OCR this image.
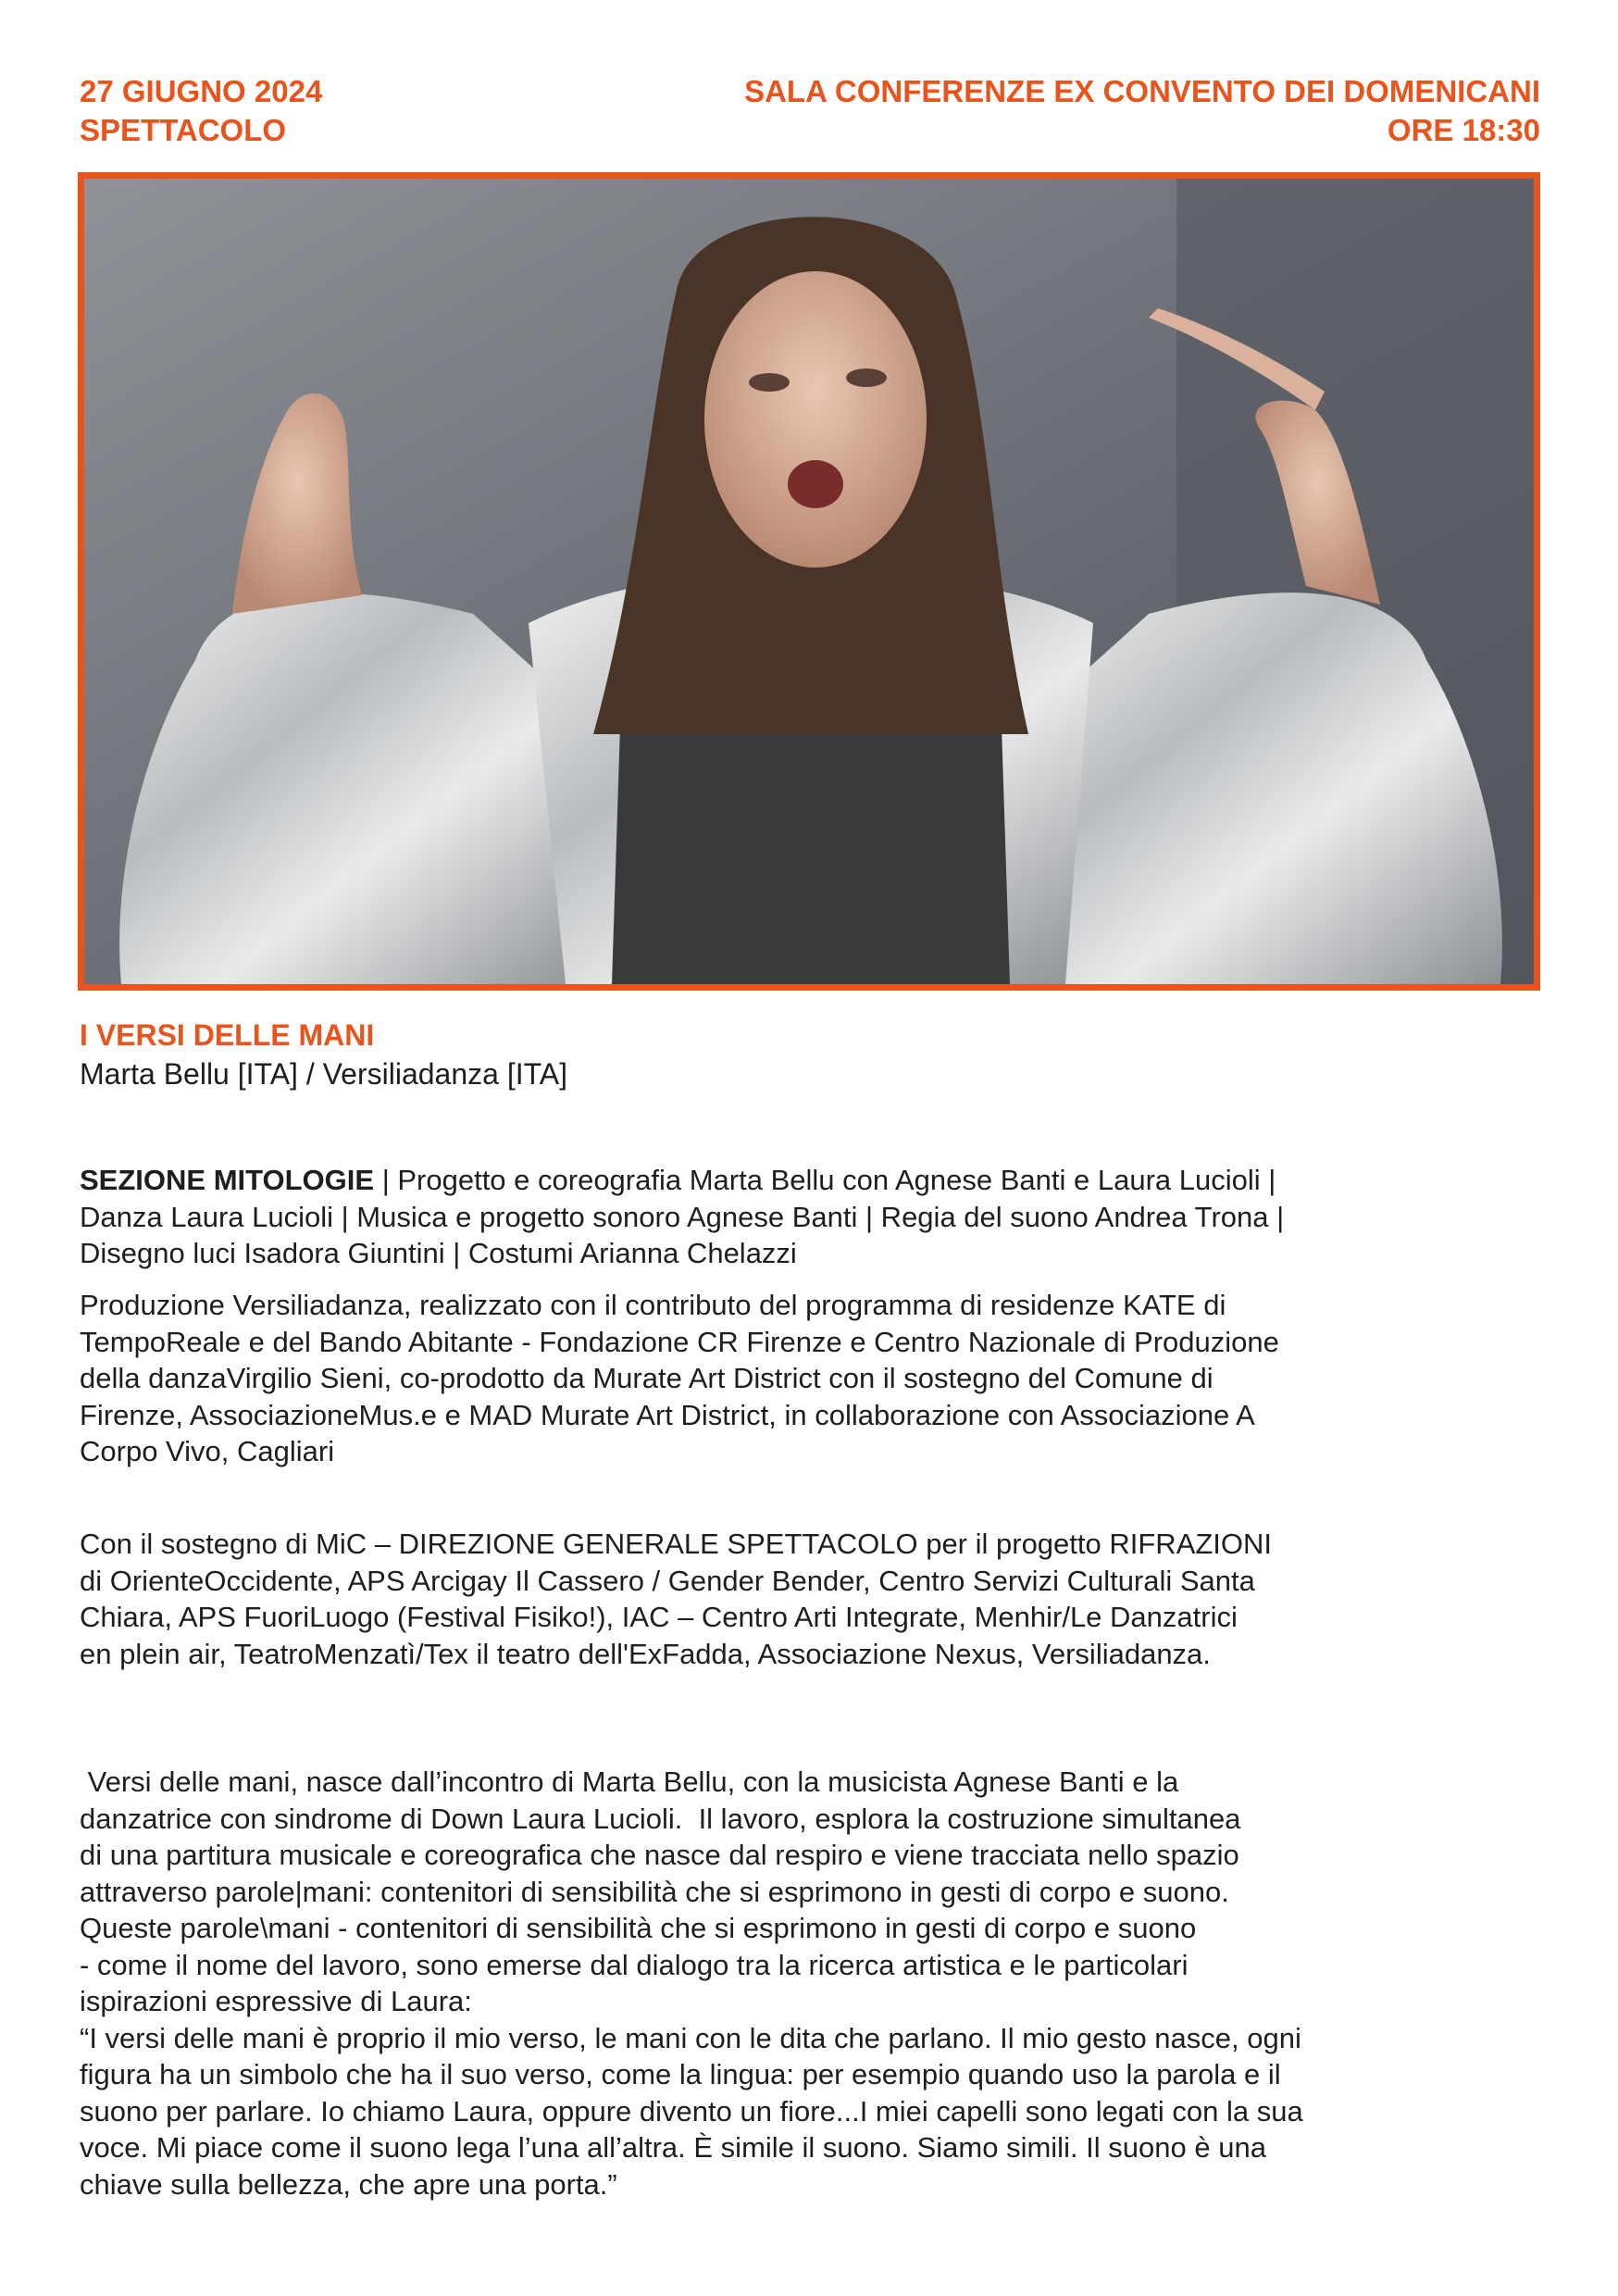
27 GIUGNO 2024
SPETTACOLO
SALA CONFERENZE EX CONVENTO DEI DOMENICANI
ORE 18:30
I VERSI DELLE MANI
Marta Bellu [ITA] / Versiliadanza [ITA]
SEZIONE MITOLOGIE | Progetto e coreografia Marta Bellu con Agnese Banti e Laura Lucioli |
Danza Laura Lucioli | Musica e progetto sonoro Agnese Banti | Regia del suono Andrea Trona |
Disegno luci Isadora Giuntini | Costumi Arianna Chelazzi
Produzione Versiliadanza, realizzato con il contributo del programma di residenze KATE di
TempoReale e del Bando Abitante - Fondazione CR Firenze e Centro Nazionale di Produzione
della danzaVirgilio Sieni, co-prodotto da Murate Art District con il sostegno del Comune di
Firenze, AssociazioneMus.e e MAD Murate Art District, in collaborazione con Associazione A
Corpo Vivo, Cagliari
Con il sostegno di MiC – DIREZIONE GENERALE SPETTACOLO per il progetto RIFRAZIONI
di OrienteOccidente, APS Arcigay Il Cassero / Gender Bender, Centro Servizi Culturali Santa
Chiara, APS FuoriLuogo (Festival Fisiko!), IAC – Centro Arti Integrate, Menhir/Le Danzatrici
en plein air, TeatroMenzatì/Tex il teatro dell'ExFadda, Associazione Nexus, Versiliadanza.
Versi delle mani, nasce dall’incontro di Marta Bellu, con la musicista Agnese Banti e la
danzatrice con sindrome di Down Laura Lucioli.  Il lavoro, esplora la costruzione simultanea
di una partitura musicale e coreografica che nasce dal respiro e viene tracciata nello spazio
attraverso parole|mani: contenitori di sensibilità che si esprimono in gesti di corpo e suono.
Queste parole\mani - contenitori di sensibilità che si esprimono in gesti di corpo e suono
- come il nome del lavoro, sono emerse dal dialogo tra la ricerca artistica e le particolari
ispirazioni espressive di Laura:
“I versi delle mani è proprio il mio verso, le mani con le dita che parlano. Il mio gesto nasce, ogni
figura ha un simbolo che ha il suo verso, come la lingua: per esempio quando uso la parola e il
suono per parlare. Io chiamo Laura, oppure divento un fiore...I miei capelli sono legati con la sua
voce. Mi piace come il suono lega l’una all’altra. È simile il suono. Siamo simili. Il suono è una
chiave sulla bellezza, che apre una porta.”
